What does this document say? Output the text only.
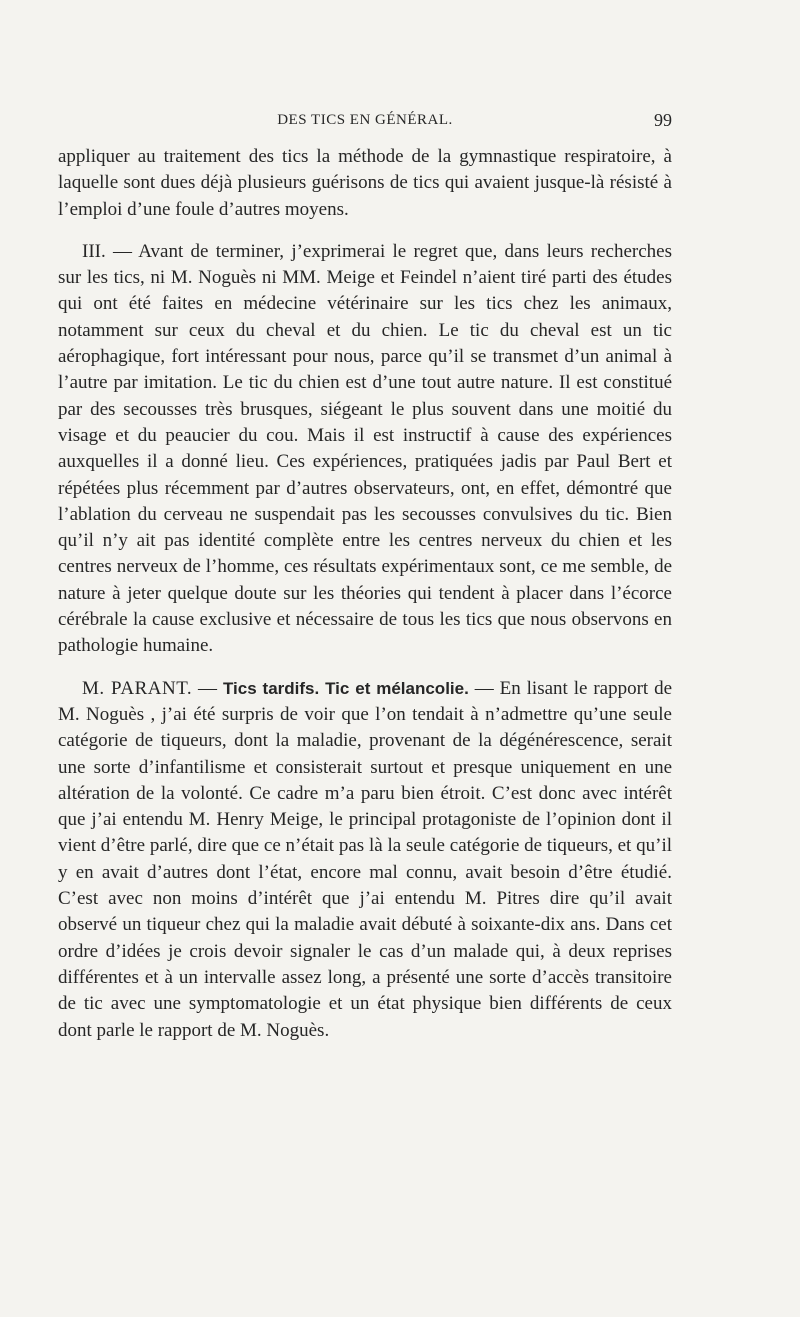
DES TICS EN GÉNÉRAL.	99

appliquer au traitement des tics la méthode de la gymnastique respiratoire, à laquelle sont dues déjà plusieurs guérisons de tics qui avaient jusque-là résisté à l’emploi d’une foule d’autres moyens.

III. — Avant de terminer, j’exprimerai le regret que, dans leurs recherches sur les tics, ni M. Noguès ni MM. Meige et Feindel n’aient tiré parti des études qui ont été faites en médecine vétérinaire sur les tics chez les animaux, notamment sur ceux du cheval et du chien. Le tic du cheval est un tic aérophagique, fort intéressant pour nous, parce qu’il se transmet d’un animal à l’autre par imitation. Le tic du chien est d’une tout autre nature. Il est constitué par des secousses très brusques, siégeant le plus souvent dans une moitié du visage et du peaucier du cou. Mais il est instructif à cause des expériences auxquelles il a donné lieu. Ces expériences, pratiquées jadis par Paul Bert et répétées plus récemment par d’autres observateurs, ont, en effet, démontré que l’ablation du cerveau ne suspendait pas les secousses convulsives du tic. Bien qu’il n’y ait pas identité complète entre les centres nerveux du chien et les centres nerveux de l’homme, ces résultats expérimentaux sont, ce me semble, de nature à jeter quelque doute sur les théories qui tendent à placer dans l’écorce cérébrale la cause exclusive et nécessaire de tous les tics que nous observons en pathologie humaine.

M. PARANT. — Tics tardifs. Tic et mélancolie. — En lisant le rapport de M. Noguès , j’ai été surpris de voir que l’on tendait à n’admettre qu’une seule catégorie de tiqueurs, dont la maladie, provenant de la dégénérescence, serait une sorte d’infantilisme et consisterait surtout et presque uniquement en une altération de la volonté. Ce cadre m’a paru bien étroit. C’est donc avec intérêt que j’ai entendu M. Henry Meige, le principal protagoniste de l’opinion dont il vient d’être parlé, dire que ce n’était pas là la seule catégorie de tiqueurs, et qu’il y en avait d’autres dont l’état, encore mal connu, avait besoin d’être étudié. C’est avec non moins d’intérêt que j’ai entendu M. Pitres dire qu’il avait observé un tiqueur chez qui la maladie avait débuté à soixante-dix ans. Dans cet ordre d’idées je crois devoir signaler le cas d’un malade qui, à deux reprises différentes et à un intervalle assez long, a présenté une sorte d’accès transitoire de tic avec une symptomatologie et un état physique bien différents de ceux dont parle le rapport de M. Noguès.
